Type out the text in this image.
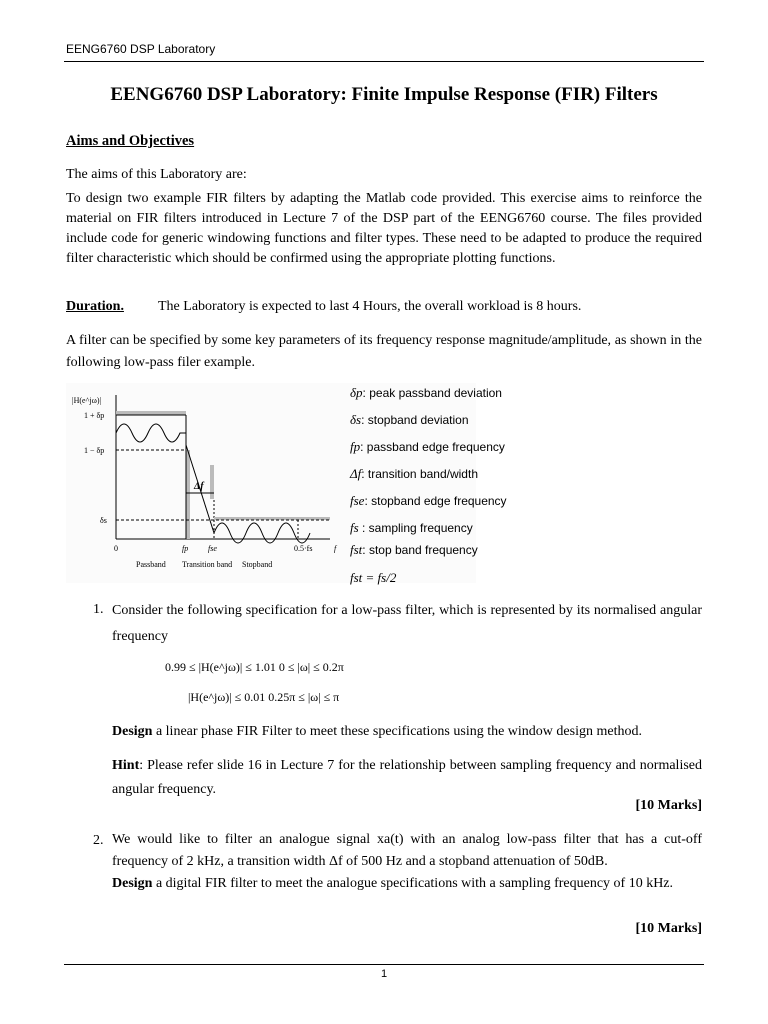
EENG6760 DSP Laboratory
EENG6760 DSP Laboratory: Finite Impulse Response (FIR) Filters
Aims and Objectives
The aims of this Laboratory are:
To design two example FIR filters by adapting the Matlab code provided. This exercise aims to reinforce the material on FIR filters introduced in Lecture 7 of the DSP part of the EENG6760 course. The files provided include code for generic windowing functions and filter types. These need to be adapted to produce the required filter characteristic which should be confirmed using the appropriate plotting functions.
Duration. The Laboratory is expected to last 4 Hours, the overall workload is 8 hours.
A filter can be specified by some key parameters of its frequency response magnitude/amplitude, as shown in the following low-pass filer example.
Δf
|H(e^jω)|
1 + δp
1 − δp
δs
0	fp fse	0.5·fs	f
Passband Transition band Stopband
δp: peak passband deviation
δs: stopband deviation
fp: passband edge frequency
Δf: transition band/width
fse: stopband edge frequency
fs : sampling frequency
fst: stop band frequency
fst = fs/2
1. Consider the following specification for a low-pass filter, which is represented by its normalised angular frequency
0.99 ≤ |H(e^jω)| ≤ 1.01 0 ≤ |ω| ≤ 0.2π
|H(e^jω)| ≤ 0.01 0.25π ≤ |ω| ≤ π
Design a linear phase FIR Filter to meet these specifications using the window design method.
Hint: Please refer slide 16 in Lecture 7 for the relationship between sampling frequency and normalised angular frequency.
[10 Marks]
2. We would like to filter an analogue signal xa(t) with an analog low-pass filter that has a cut-off frequency of 2 kHz, a transition width Δf of 500 Hz and a stopband attenuation of 50dB.
Design a digital FIR filter to meet the analogue specifications with a sampling frequency of 10 kHz.
[10 Marks]
1
